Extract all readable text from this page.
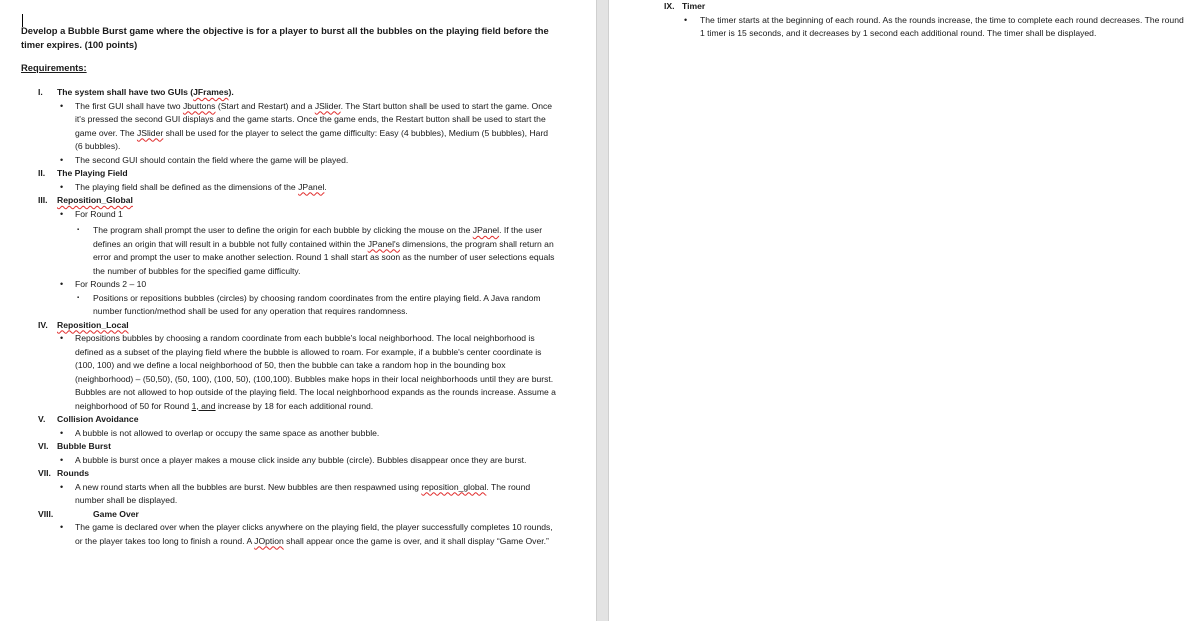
Develop a Bubble Burst game where the objective is for a player to burst all the bubbles on the playing field before the timer expires. (100 points)
Requirements:
I. The system shall have two GUIs (JFrames).
• The first GUI shall have two Jbuttons (Start and Restart) and a JSlider. The Start button shall be used to start the game. Once it's pressed the second GUI displays and the game starts. Once the game ends, the Restart button shall be used to start the game over. The JSlider shall be used for the player to select the game difficulty: Easy (4 bubbles), Medium (5 bubbles), Hard (6 bubbles).
• The second GUI should contain the field where the game will be played.
II. The Playing Field
• The playing field shall be defined as the dimensions of the JPanel.
III. Reposition_Global
• For Round 1
▪ The program shall prompt the user to define the origin for each bubble by clicking the mouse on the JPanel. If the user defines an origin that will result in a bubble not fully contained within the JPanel's dimensions, the program shall return an error and prompt the user to make another selection. Round 1 shall start as soon as the number of user selections equals the number of bubbles for the specified game difficulty.
• For Rounds 2 – 10
▪ Positions or repositions bubbles (circles) by choosing random coordinates from the entire playing field. A Java random number function/method shall be used for any operation that requires randomness.
IV. Reposition_Local
• Repositions bubbles by choosing a random coordinate from each bubble's local neighborhood. The local neighborhood is defined as a subset of the playing field where the bubble is allowed to roam. For example, if a bubble's center coordinate is (100, 100) and we define a local neighborhood of 50, then the bubble can take a random hop in the bounding box (neighborhood) – (50,50), (50, 100), (100, 50), (100,100). Bubbles make hops in their local neighborhoods until they are burst. Bubbles are not allowed to hop outside of the playing field. The local neighborhood expands as the rounds increase. Assume a neighborhood of 50 for Round 1, and increase by 18 for each additional round.
V. Collision Avoidance
• A bubble is not allowed to overlap or occupy the same space as another bubble.
VI. Bubble Burst
• A bubble is burst once a player makes a mouse click inside any bubble (circle). Bubbles disappear once they are burst.
VII. Rounds
• A new round starts when all the bubbles are burst. New bubbles are then respawned using reposition_global. The round number shall be displayed.
VIII.	Game Over
• The game is declared over when the player clicks anywhere on the playing field, the player successfully completes 10 rounds, or the player takes too long to finish a round. A JOption shall appear once the game is over, and it shall display “Game Over.”
IX. Timer
• The timer starts at the beginning of each round. As the rounds increase, the time to complete each round decreases. The round 1 timer is 15 seconds, and it decreases by 1 second each additional round. The timer shall be displayed.
